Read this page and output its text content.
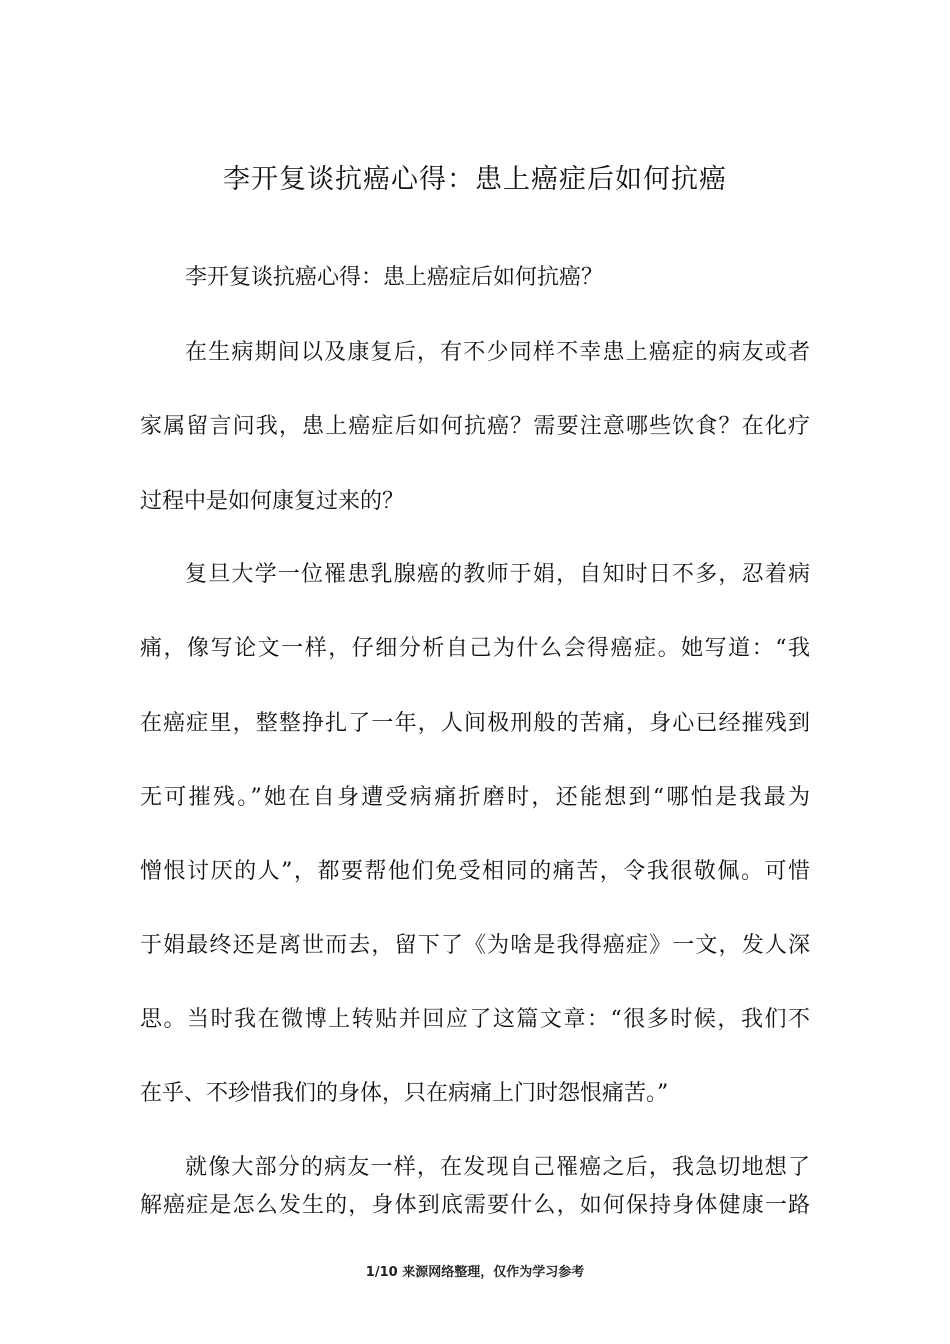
李开复谈抗癌心得：患上癌症后如何抗癌

李开复谈抗癌心得：患上癌症后如何抗癌？

在生病期间以及康复后，有不少同样不幸患上癌症的病友或者

家属留言问我，患上癌症后如何抗癌？需要注意哪些饮食？在化疗

过程中是如何康复过来的？

复旦大学一位罹患乳腺癌的教师于娟，自知时日不多，忍着病

痛，像写论文一样，仔细分析自己为什么会得癌症。她写道：“我

在癌症里，整整挣扎了一年，人间极刑般的苦痛，身心已经摧残到

无可摧残。”她在自身遭受病痛折磨时，还能想到“哪怕是我最为

憎恨讨厌的人”，都要帮他们免受相同的痛苦，令我很敬佩。可惜

于娟最终还是离世而去，留下了《为啥是我得癌症》一文，发人深

思。当时我在微博上转贴并回应了这篇文章：“很多时候，我们不

在乎、不珍惜我们的身体，只在病痛上门时怨恨痛苦。”

就像大部分的病友一样，在发现自己罹癌之后，我急切地想了

解癌症是怎么发生的，身体到底需要什么，如何保持身体健康一路

1/10 来源网络整理，仅作为学习参考
